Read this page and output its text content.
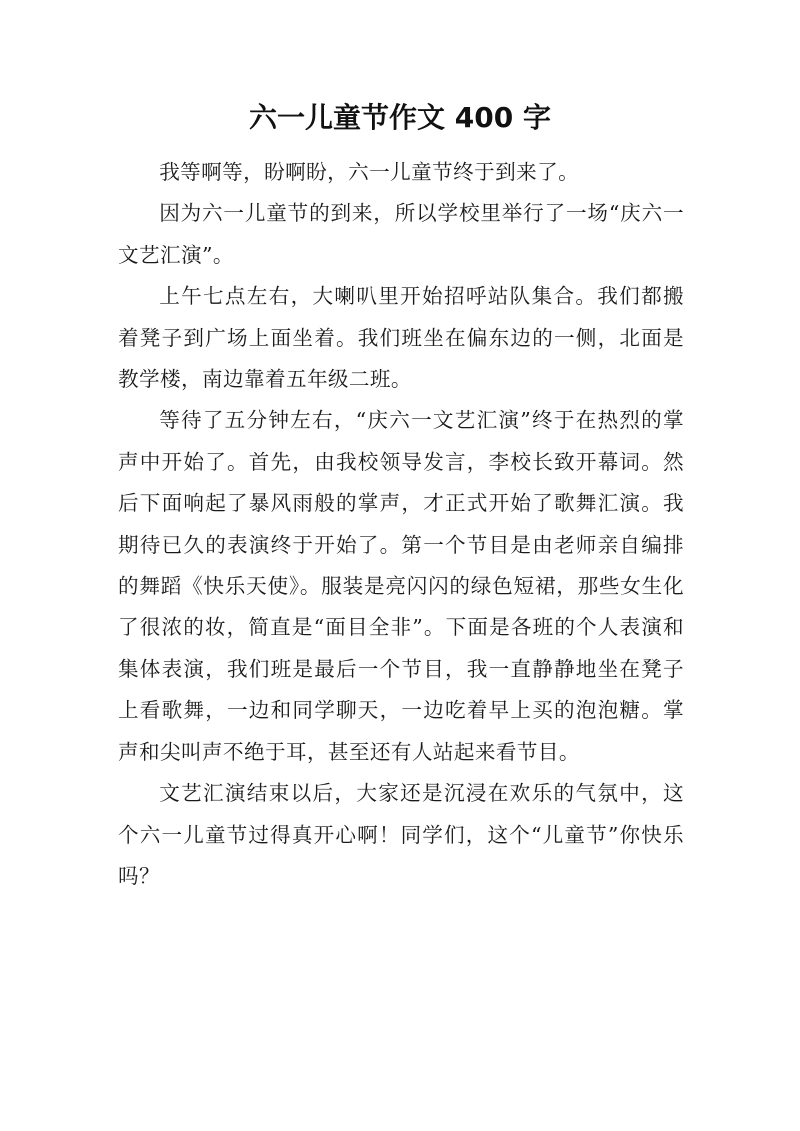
六一儿童节作文 400 字

我等啊等，盼啊盼，六一儿童节终于到来了。

因为六一儿童节的到来，所以学校里举行了一场“庆六一文艺汇演”。

上午七点左右，大喇叭里开始招呼站队集合。我们都搬着凳子到广场上面坐着。我们班坐在偏东边的一侧，北面是教学楼，南边靠着五年级二班。

等待了五分钟左右，“庆六一文艺汇演”终于在热烈的掌声中开始了。首先，由我校领导发言，李校长致开幕词。然后下面响起了暴风雨般的掌声，才正式开始了歌舞汇演。我期待已久的表演终于开始了。第一个节目是由老师亲自编排的舞蹈《快乐天使》。服装是亮闪闪的绿色短裙，那些女生化了很浓的妆，简直是“面目全非”。下面是各班的个人表演和集体表演，我们班是最后一个节目，我一直静静地坐在凳子上看歌舞，一边和同学聊天，一边吃着早上买的泡泡糖。掌声和尖叫声不绝于耳，甚至还有人站起来看节目。

文艺汇演结束以后，大家还是沉浸在欢乐的气氛中，这个六一儿童节过得真开心啊！同学们，这个“儿童节”你快乐吗？
